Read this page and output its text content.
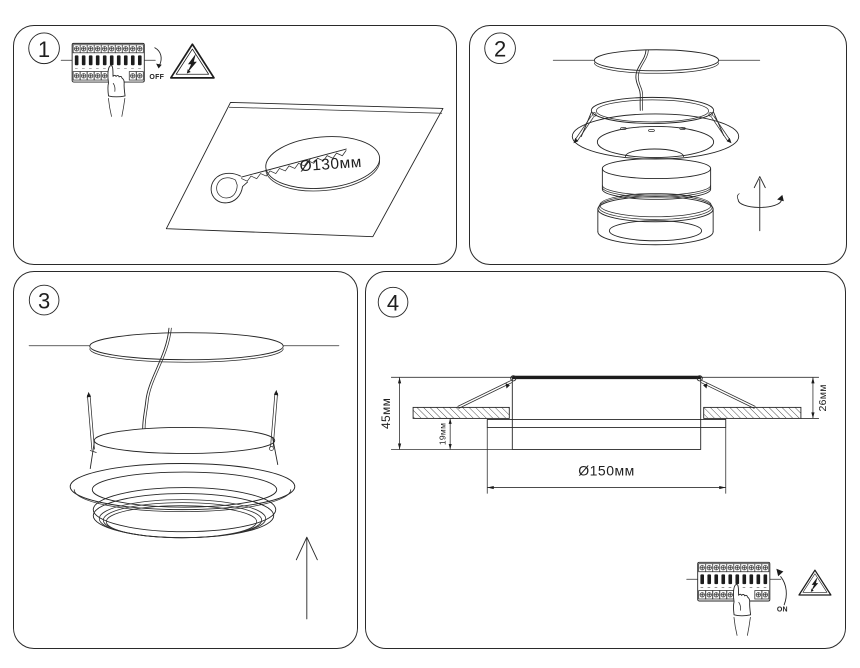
1
OFF
Ø130мм
2
3	4
45мм
19мм
26мм
Ø150мм
ON
